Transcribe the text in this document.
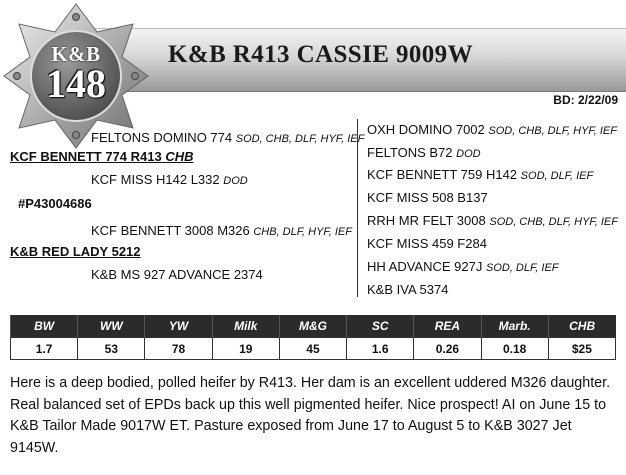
K&B
148
K&B R413 CASSIE 9009W
BD: 2/22/09
FELTONS DOMINO 774 SOD, CHB, DLF, HYF, IEF
KCF BENNETT 774 R413 CHB
KCF MISS H142 L332 DOD
#P43004686
KCF BENNETT 3008 M326 CHB, DLF, HYF, IEF
K&B RED LADY 5212
K&B MS 927 ADVANCE 2374
OXH DOMINO 7002 SOD, CHB, DLF, HYF, IEF
FELTONS B72 DOD
KCF BENNETT 759 H142 SOD, DLF, IEF
KCF MISS 508 B137
RRH MR FELT 3008 SOD, CHB, DLF, HYF, IEF
KCF MISS 459 F284
HH ADVANCE 927J SOD, DLF, IEF
K&B IVA 5374
BW	WW	YW	Milk	M&G	SC	REA	Marb.	CHB
1.7	53	78	19	45	1.6	0.26	0.18	$25
Here is a deep bodied, polled heifer by R413. Her dam is an excellent uddered M326 daughter. Real balanced set of EPDs back up this well pigmented heifer. Nice prospect! AI on June 15 to K&B Tailor Made 9017W ET. Pasture exposed from June 17 to August 5 to K&B 3027 Jet 9145W.
